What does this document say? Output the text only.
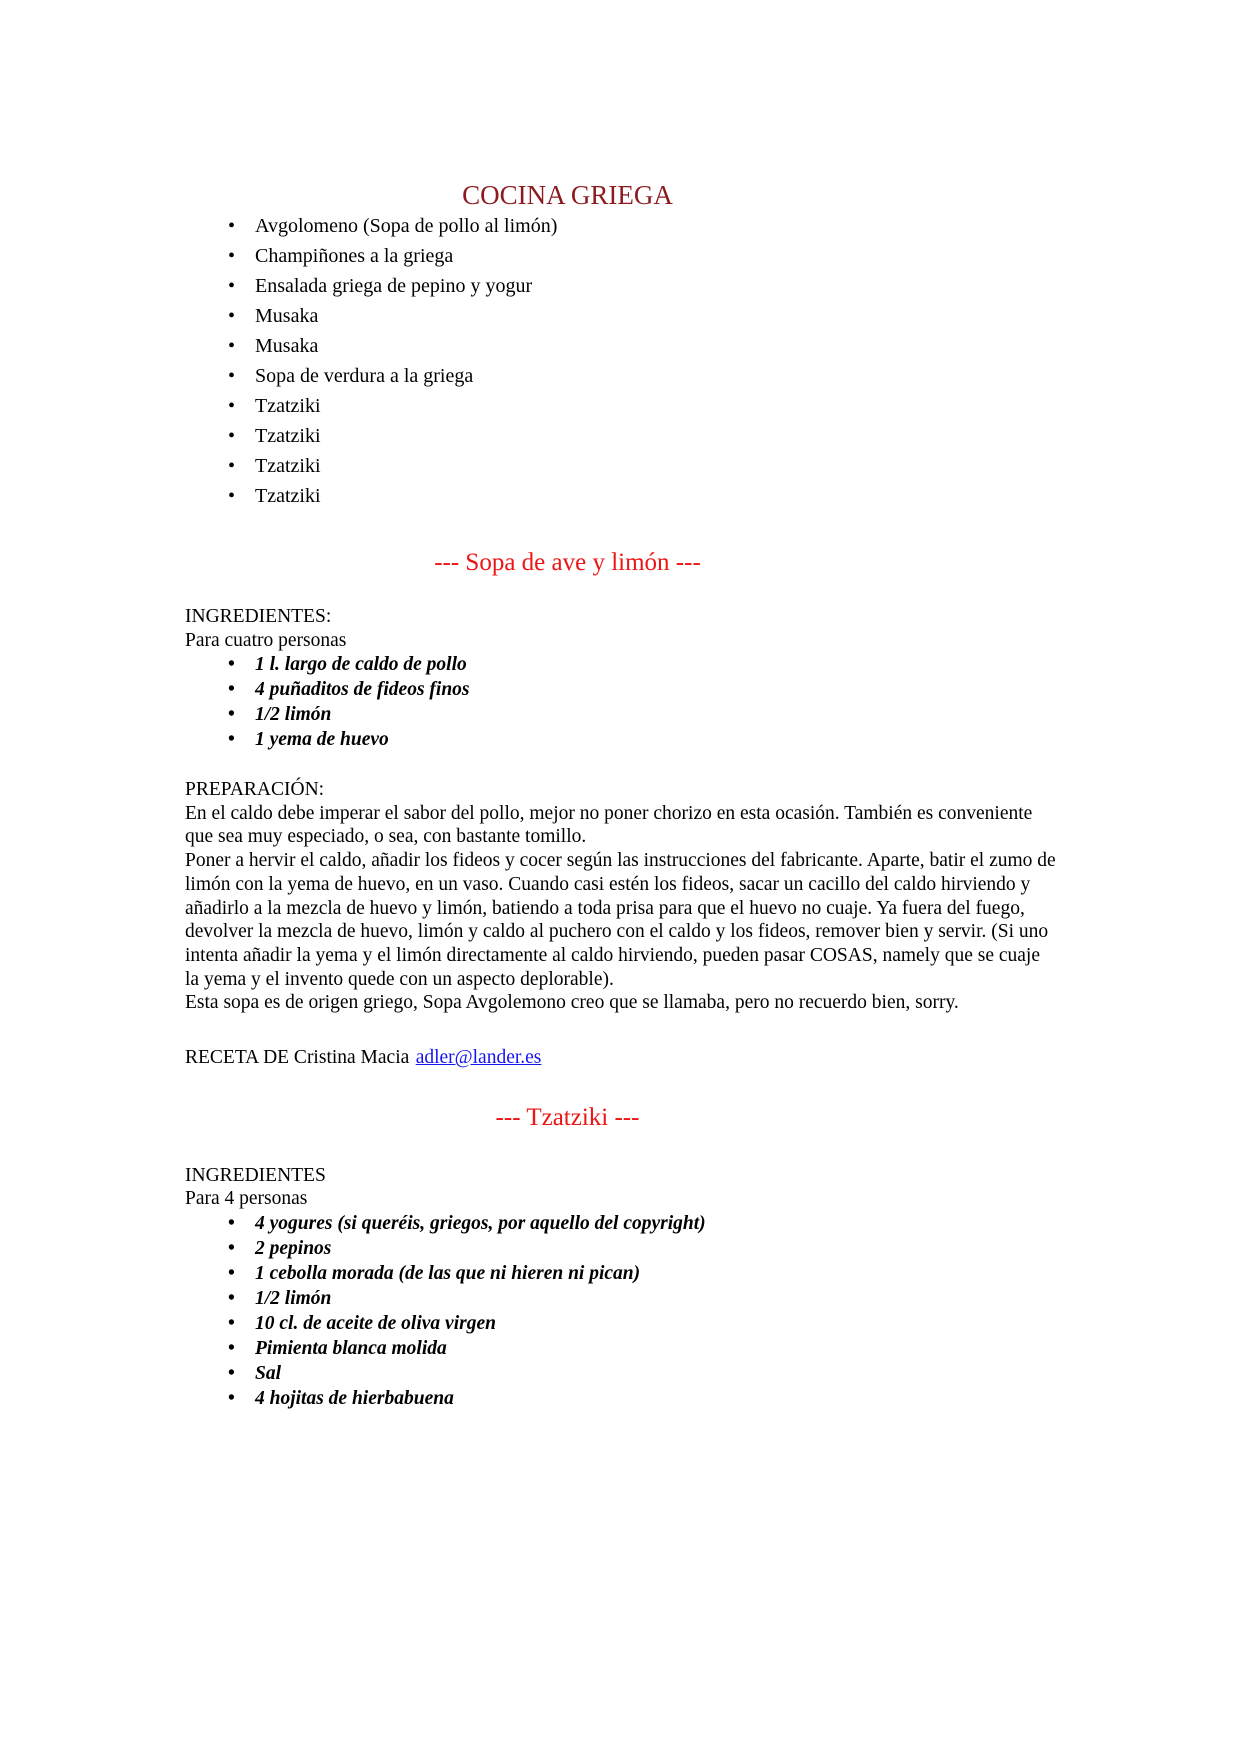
COCINA GRIEGA
•
Avgolomeno (Sopa de pollo al limón)
•
Champiñones a la griega
•
Ensalada griega de pepino y yogur
•
Musaka
•
Musaka
•
Sopa de verdura a la griega
•
Tzatziki
•
Tzatziki
•
Tzatziki
•
Tzatziki
--- Sopa de ave y limón ---

INGREDIENTES:

Para cuatro personas

•
1 l. largo de caldo de pollo
•
4 puñaditos de fideos finos
•
1/2 limón
•
1 yema de huevo

PREPARACIÓN:

En el caldo debe imperar el sabor del pollo, mejor no poner chorizo en esta ocasión. También es conveniente que sea muy especiado, o sea, con bastante tomillo.

Poner a hervir el caldo, añadir los fideos y cocer según las instrucciones del fabricante. Aparte, batir el zumo de limón con la yema de huevo, en un vaso. Cuando casi estén los fideos, sacar un cacillo del caldo hirviendo y añadirlo a la mezcla de huevo y limón, batiendo a toda prisa para que el huevo no cuaje. Ya fuera del fuego, devolver la mezcla de huevo, limón y caldo al puchero con el caldo y los fideos, remover bien y servir. (Si uno intenta añadir la yema y el limón directamente al caldo hirviendo, pueden pasar COSAS, namely que se cuaje la yema y el invento quede con un aspecto deplorable).

Esta sopa es de origen griego, Sopa Avgolemono creo que se llamaba, pero no recuerdo bien, sorry.

RECETA DE Cristina Macia adler@lander.es
--- Tzatziki ---

INGREDIENTES

Para 4 personas

•
4 yogures (si queréis, griegos, por aquello del copyright)
•
2 pepinos
•
1 cebolla morada (de las que ni hieren ni pican)
•
1/2 limón
•
10 cl. de aceite de oliva virgen
•
Pimienta blanca molida
•
Sal
•
4 hojitas de hierbabuena
